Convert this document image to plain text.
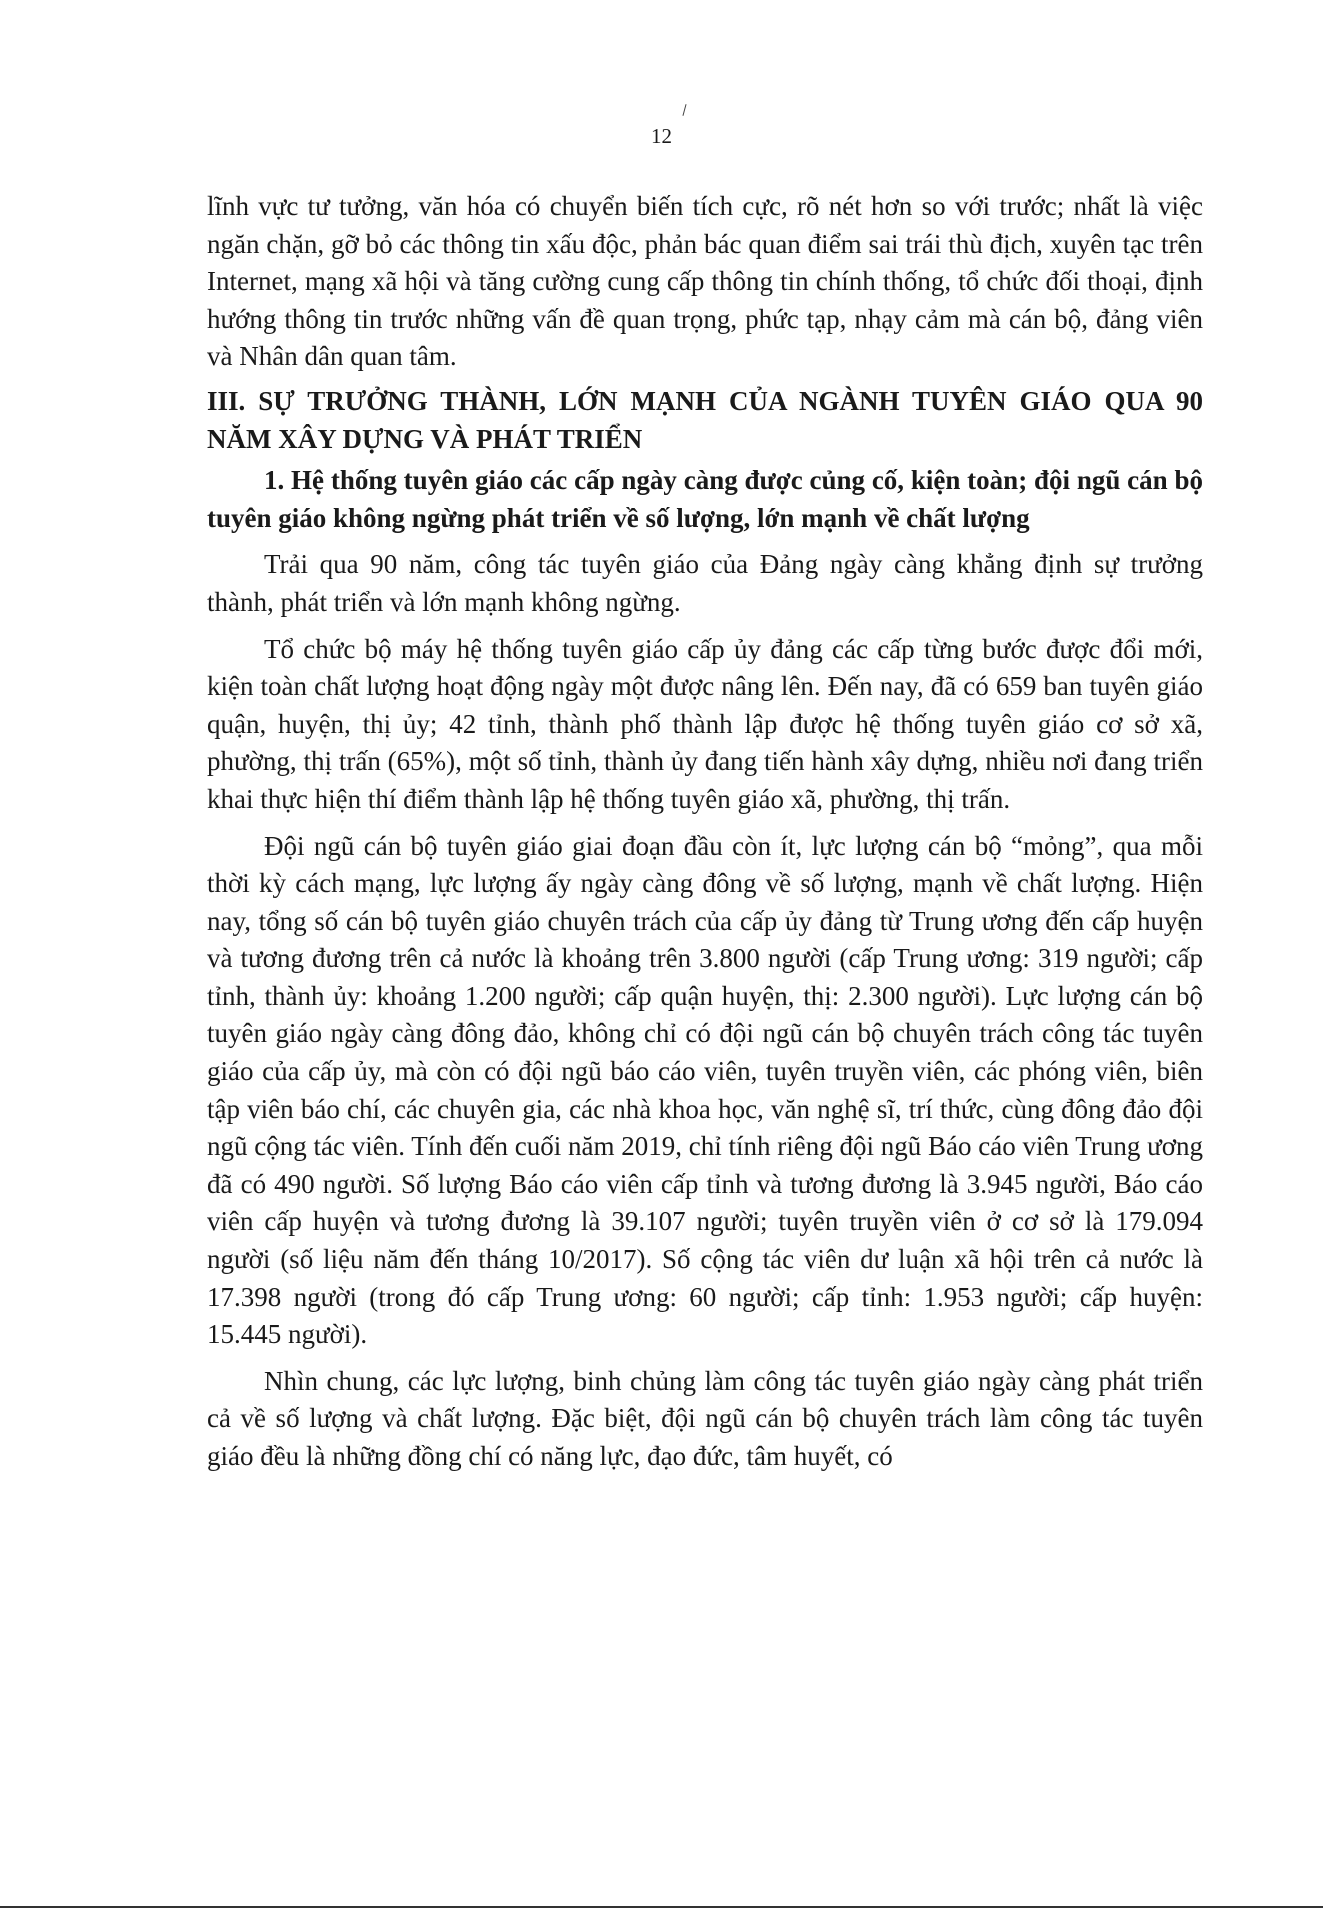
12

lĩnh vực tư tưởng, văn hóa có chuyển biến tích cực, rõ nét hơn so với trước; nhất là việc ngăn chặn, gỡ bỏ các thông tin xấu độc, phản bác quan điểm sai trái thù địch, xuyên tạc trên Internet, mạng xã hội và tăng cường cung cấp thông tin chính thống, tổ chức đối thoại, định hướng thông tin trước những vấn đề quan trọng, phức tạp, nhạy cảm mà cán bộ, đảng viên và Nhân dân quan tâm.

III. SỰ TRƯỞNG THÀNH, LỚN MẠNH CỦA NGÀNH TUYÊN GIÁO QUA 90 NĂM XÂY DỰNG VÀ PHÁT TRIỂN
1. Hệ thống tuyên giáo các cấp ngày càng được củng cố, kiện toàn; đội ngũ cán bộ tuyên giáo không ngừng phát triển về số lượng, lớn mạnh về chất lượng

Trải qua 90 năm, công tác tuyên giáo của Đảng ngày càng khẳng định sự trưởng thành, phát triển và lớn mạnh không ngừng.

Tổ chức bộ máy hệ thống tuyên giáo cấp ủy đảng các cấp từng bước được đổi mới, kiện toàn chất lượng hoạt động ngày một được nâng lên. Đến nay, đã có 659 ban tuyên giáo quận, huyện, thị ủy; 42 tỉnh, thành phố thành lập được hệ thống tuyên giáo cơ sở xã, phường, thị trấn (65%), một số tỉnh, thành ủy đang tiến hành xây dựng, nhiều nơi đang triển khai thực hiện thí điểm thành lập hệ thống tuyên giáo xã, phường, thị trấn.

Đội ngũ cán bộ tuyên giáo giai đoạn đầu còn ít, lực lượng cán bộ “mỏng”, qua mỗi thời kỳ cách mạng, lực lượng ấy ngày càng đông về số lượng, mạnh về chất lượng. Hiện nay, tổng số cán bộ tuyên giáo chuyên trách của cấp ủy đảng từ Trung ương đến cấp huyện và tương đương trên cả nước là khoảng trên 3.800 người (cấp Trung ương: 319 người; cấp tỉnh, thành ủy: khoảng 1.200 người; cấp quận huyện, thị: 2.300 người). Lực lượng cán bộ tuyên giáo ngày càng đông đảo, không chỉ có đội ngũ cán bộ chuyên trách công tác tuyên giáo của cấp ủy, mà còn có đội ngũ báo cáo viên, tuyên truyền viên, các phóng viên, biên tập viên báo chí, các chuyên gia, các nhà khoa học, văn nghệ sĩ, trí thức, cùng đông đảo đội ngũ cộng tác viên. Tính đến cuối năm 2019, chỉ tính riêng đội ngũ Báo cáo viên Trung ương đã có 490 người. Số lượng Báo cáo viên cấp tỉnh và tương đương là 3.945 người, Báo cáo viên cấp huyện và tương đương là 39.107 người; tuyên truyền viên ở cơ sở là 179.094 người (số liệu năm đến tháng 10/2017). Số cộng tác viên dư luận xã hội trên cả nước là 17.398 người (trong đó cấp Trung ương: 60 người; cấp tỉnh: 1.953 người; cấp huyện: 15.445 người).

Nhìn chung, các lực lượng, binh chủng làm công tác tuyên giáo ngày càng phát triển cả về số lượng và chất lượng. Đặc biệt, đội ngũ cán bộ chuyên trách làm công tác tuyên giáo đều là những đồng chí có năng lực, đạo đức, tâm huyết, có
